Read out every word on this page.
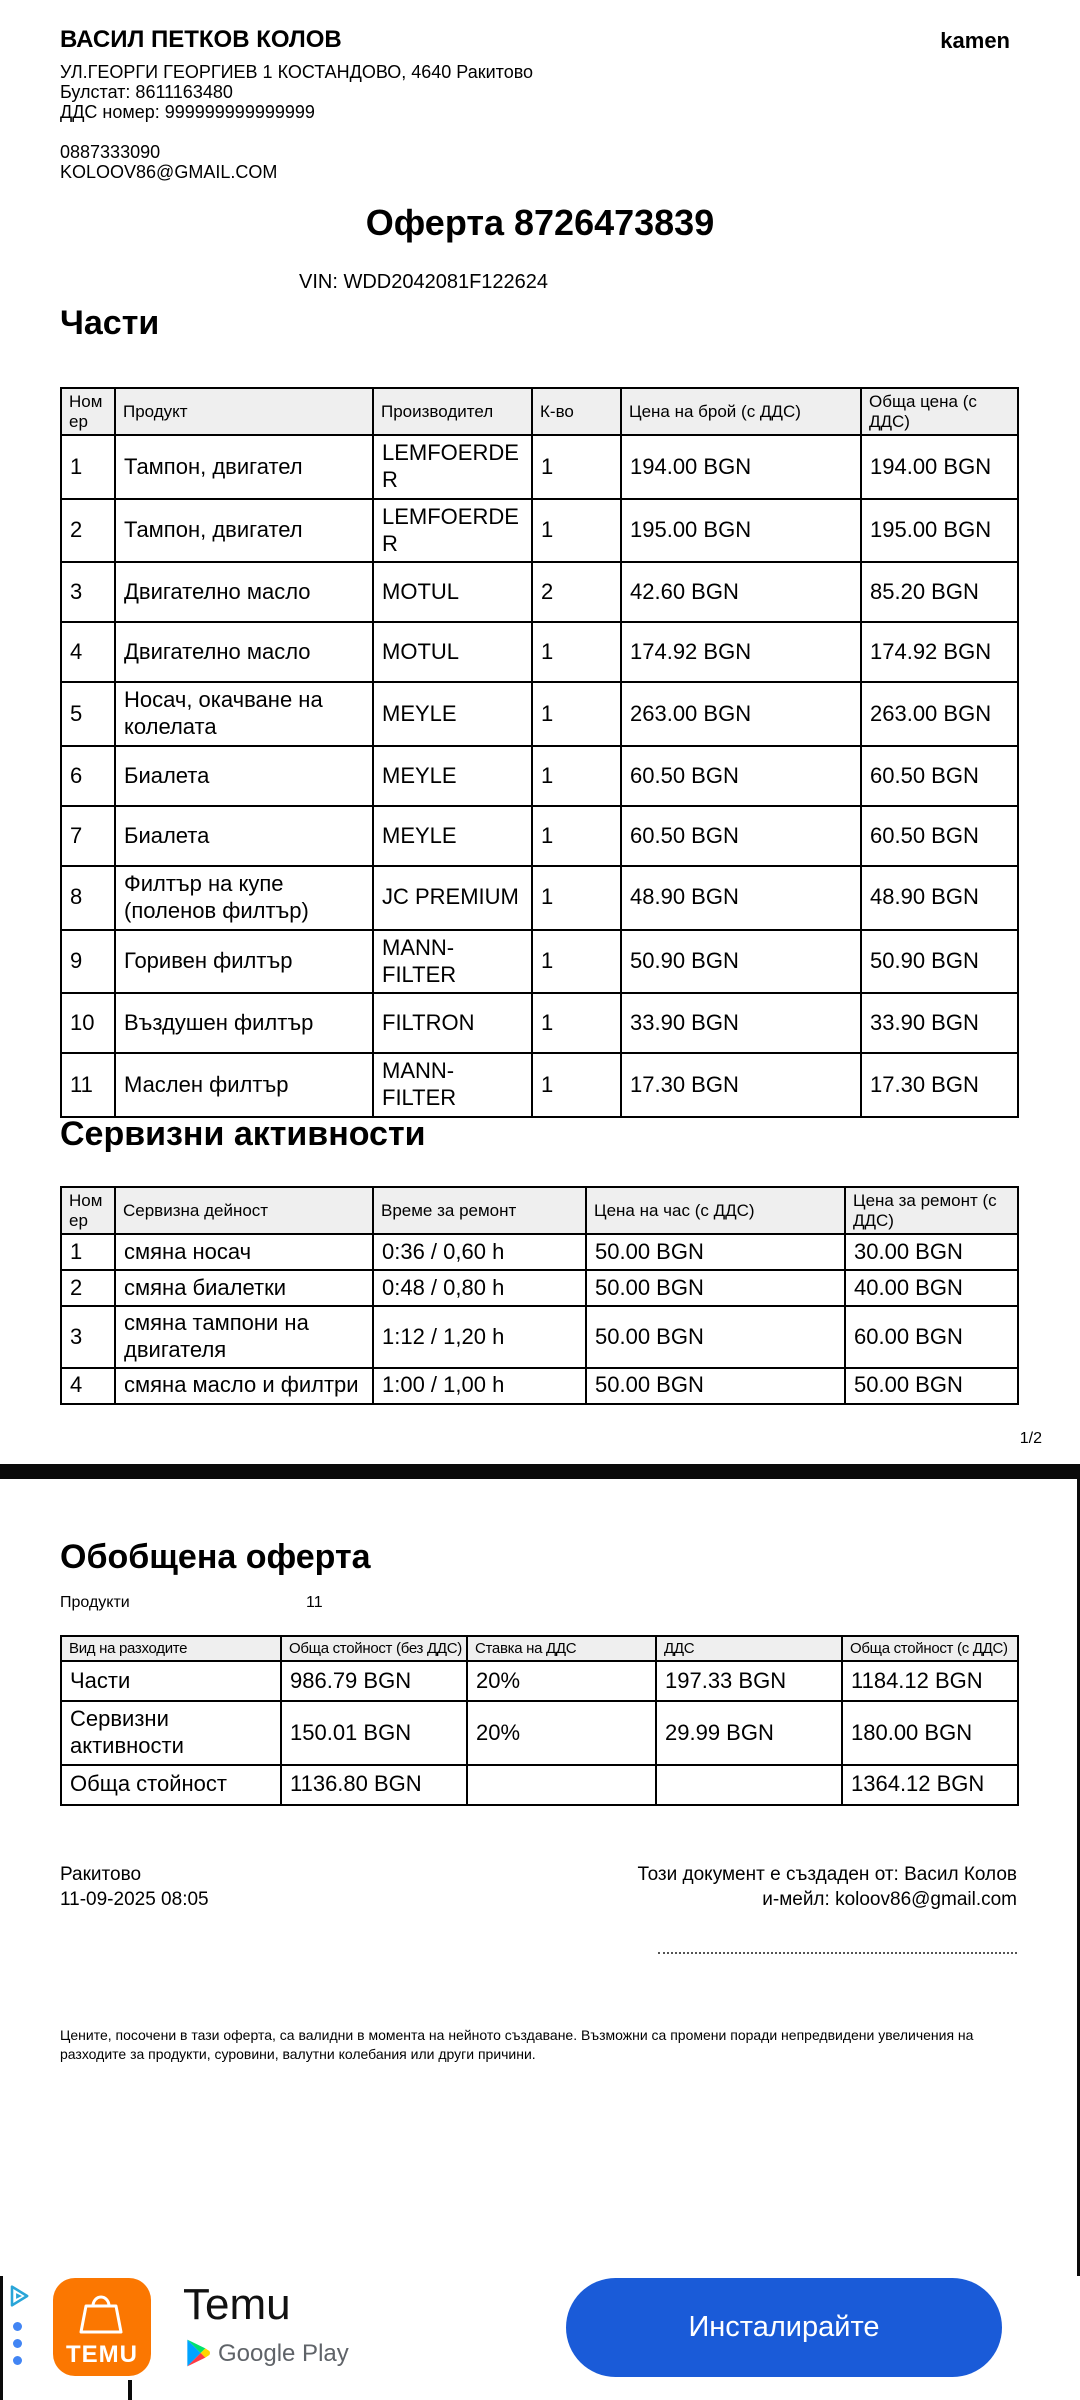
ВАСИЛ ПЕТКОВ КОЛОВ
УЛ.ГЕОРГИ ГЕОРГИЕВ 1 КОСТАНДОВО, 4640 Ракитово
Булстат: 8611163480
ДДС номер: 999999999999999
0887333090
KOLOOV86@GMAIL.COM
kamen
Оферта 8726473839
VIN: WDD2042081F122624
Части
Ном ер	Продукт	Производител	К-во	Цена на брой (с ДДС)	Обща цена (с ДДС)
1	Тампон, двигател	LEMFOERDER	1	194.00 BGN	194.00 BGN
2	Тампон, двигател	LEMFOERDER	1	195.00 BGN	195.00 BGN
3	Двигателно масло	MOTUL	2	42.60 BGN	85.20 BGN
4	Двигателно масло	MOTUL	1	174.92 BGN	174.92 BGN
5	Носач, окачване на колелата	MEYLE	1	263.00 BGN	263.00 BGN
6	Биалета	MEYLE	1	60.50 BGN	60.50 BGN
7	Биалета	MEYLE	1	60.50 BGN	60.50 BGN
8	Филтър на купе (поленов филтър)	JC PREMIUM	1	48.90 BGN	48.90 BGN
9	Горивен филтър	MANN-FILTER	1	50.90 BGN	50.90 BGN
10	Въздушен филтър	FILTRON	1	33.90 BGN	33.90 BGN
11	Маслен филтър	MANN-FILTER	1	17.30 BGN	17.30 BGN
Сервизни активности
Ном ер	Сервизна дейност	Време за ремонт	Цена на час (с ДДС)	Цена за ремонт (с ДДС)
1	смяна носач	0:36 / 0,60 h	50.00 BGN	30.00 BGN
2	смяна биалетки	0:48 / 0,80 h	50.00 BGN	40.00 BGN
3	смяна тампони на двигателя	1:12 / 1,20 h	50.00 BGN	60.00 BGN
4	смяна масло и филтри	1:00 / 1,00 h	50.00 BGN	50.00 BGN
1/2
Обобщена оферта
Продукти	11
Вид на разходите	Обща стойност (без ДДС)	Ставка на ДДС	ДДС	Обща стойност (с ДДС)
Части	986.79 BGN	20%	197.33 BGN	1184.12 BGN
Сервизни активности	150.01 BGN	20%	29.99 BGN	180.00 BGN
Обща стойност	1136.80 BGN			1364.12 BGN
Ракитово
11-09-2025 08:05
Този документ е създаден от: Васил Колов
и-мейл: koloov86@gmail.com
Цените, посочени в тази оферта, са валидни в момента на нейното създаване. Възможни са промени поради непредвидени увеличения на разходите за продукти, суровини, валутни колебания или други причини.
TEMU
Temu
Google Play
Инсталирайте
